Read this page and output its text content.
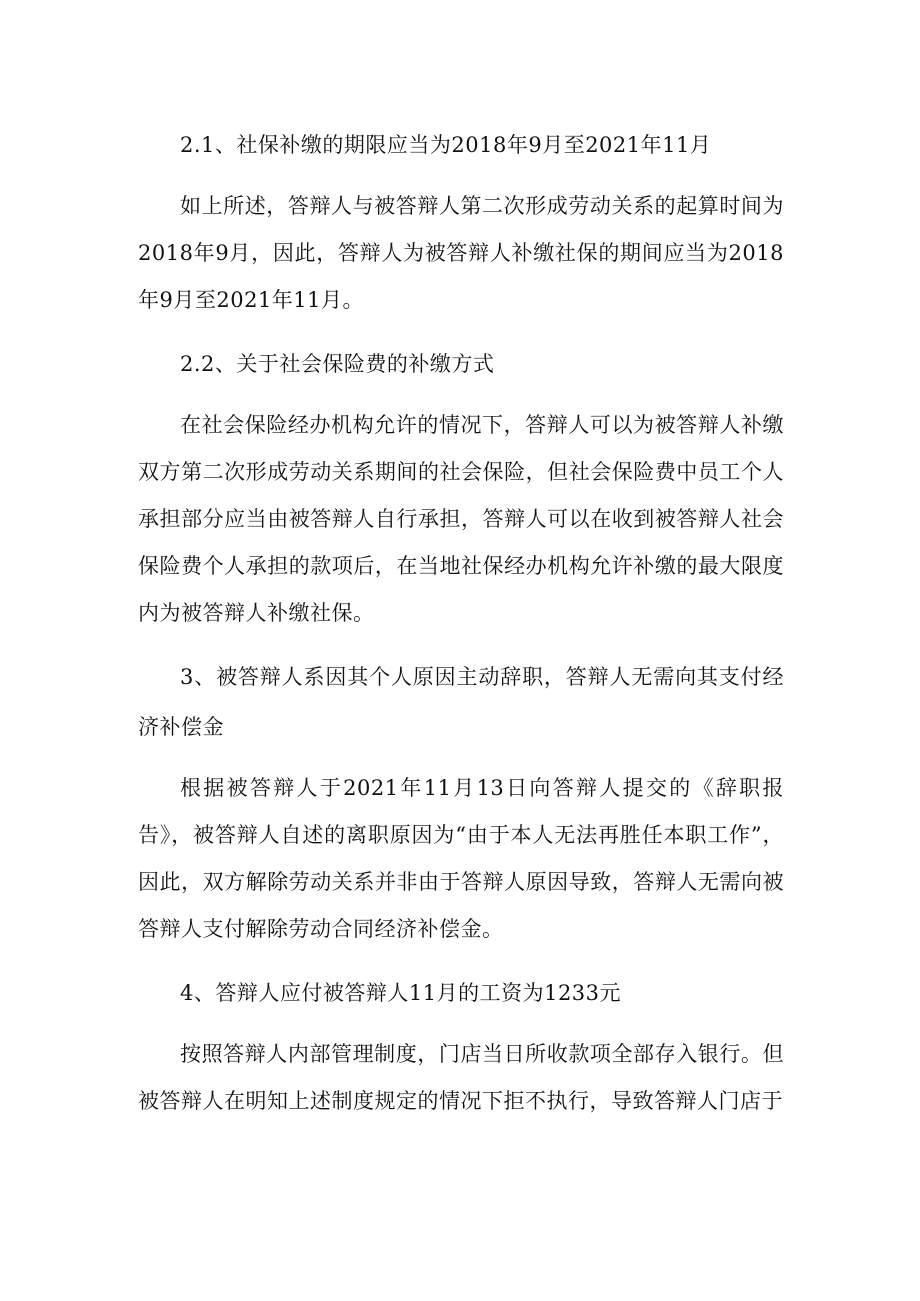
2.1、社保补缴的期限应当为2018年9月至2021年11月

如上所述，答辩人与被答辩人第二次形成劳动关系的起算时间为2018年9月，因此，答辩人为被答辩人补缴社保的期间应当为2018年9月至2021年11月。

2.2、关于社会保险费的补缴方式

在社会保险经办机构允许的情况下，答辩人可以为被答辩人补缴双方第二次形成劳动关系期间的社会保险，但社会保险费中员工个人承担部分应当由被答辩人自行承担，答辩人可以在收到被答辩人社会保险费个人承担的款项后，在当地社保经办机构允许补缴的最大限度内为被答辩人补缴社保。

3、被答辩人系因其个人原因主动辞职，答辩人无需向其支付经济补偿金

根据被答辩人于2021年11月13日向答辩人提交的《辞职报告》，被答辩人自述的离职原因为“由于本人无法再胜任本职工作”，因此，双方解除劳动关系并非由于答辩人原因导致，答辩人无需向被答辩人支付解除劳动合同经济补偿金。

4、答辩人应付被答辩人11月的工资为1233元

按照答辩人内部管理制度，门店当日所收款项全部存入银行。但被答辩人在明知上述制度规定的情况下拒不执行，导致答辩人门店于
